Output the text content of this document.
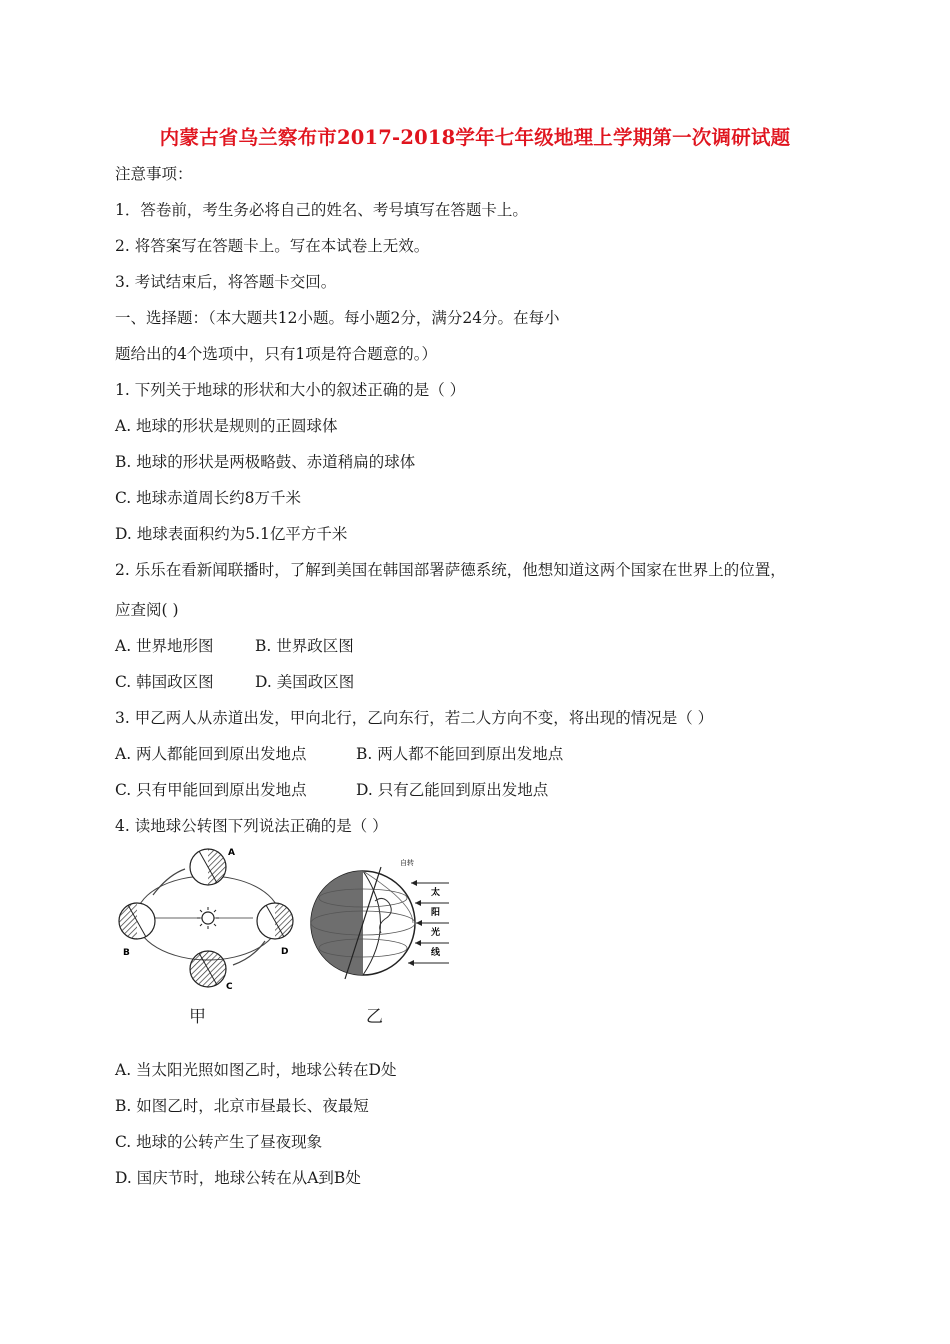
内蒙古省乌兰察布市2017-2018学年七年级地理上学期第一次调研试题
注意事项：
1．答卷前，考生务必将自己的姓名、考号填写在答题卡上。
2. 将答案写在答题卡上。写在本试卷上无效。
3. 考试结束后，将答题卡交回。
一、选择题：（本大题共12小题。每小题2分，满分24分。在每小
题给出的4个选项中，只有1项是符合题意的。）
1. 下列关于地球的形状和大小的叙述正确的是（ ）
A. 地球的形状是规则的正圆球体
B. 地球的形状是两极略鼓、赤道稍扁的球体
C. 地球赤道周长约8万千米
D. 地球表面积约为5.1亿平方千米
2. 乐乐在看新闻联播时，了解到美国在韩国部署萨德系统，他想知道这两个国家在世界上的位置，
应查阅( )
A. 世界地形图	B. 世界政区图
C. 韩国政区图	D. 美国政区图
3. 甲乙两人从赤道出发，甲向北行，乙向东行，若二人方向不变，将出现的情况是（ ）
A. 两人都能回到原出发地点	B. 两人都不能回到原出发地点
C. 只有甲能回到原出发地点	D. 只有乙能回到原出发地点
4. 读地球公转图下列说法正确的是（ ）
A
B
C
D
自转
太
阳
光
线
甲	乙
A. 当太阳光照如图乙时，地球公转在D处
B. 如图乙时，北京市昼最长、夜最短
C. 地球的公转产生了昼夜现象
D. 国庆节时，地球公转在从A到B处
